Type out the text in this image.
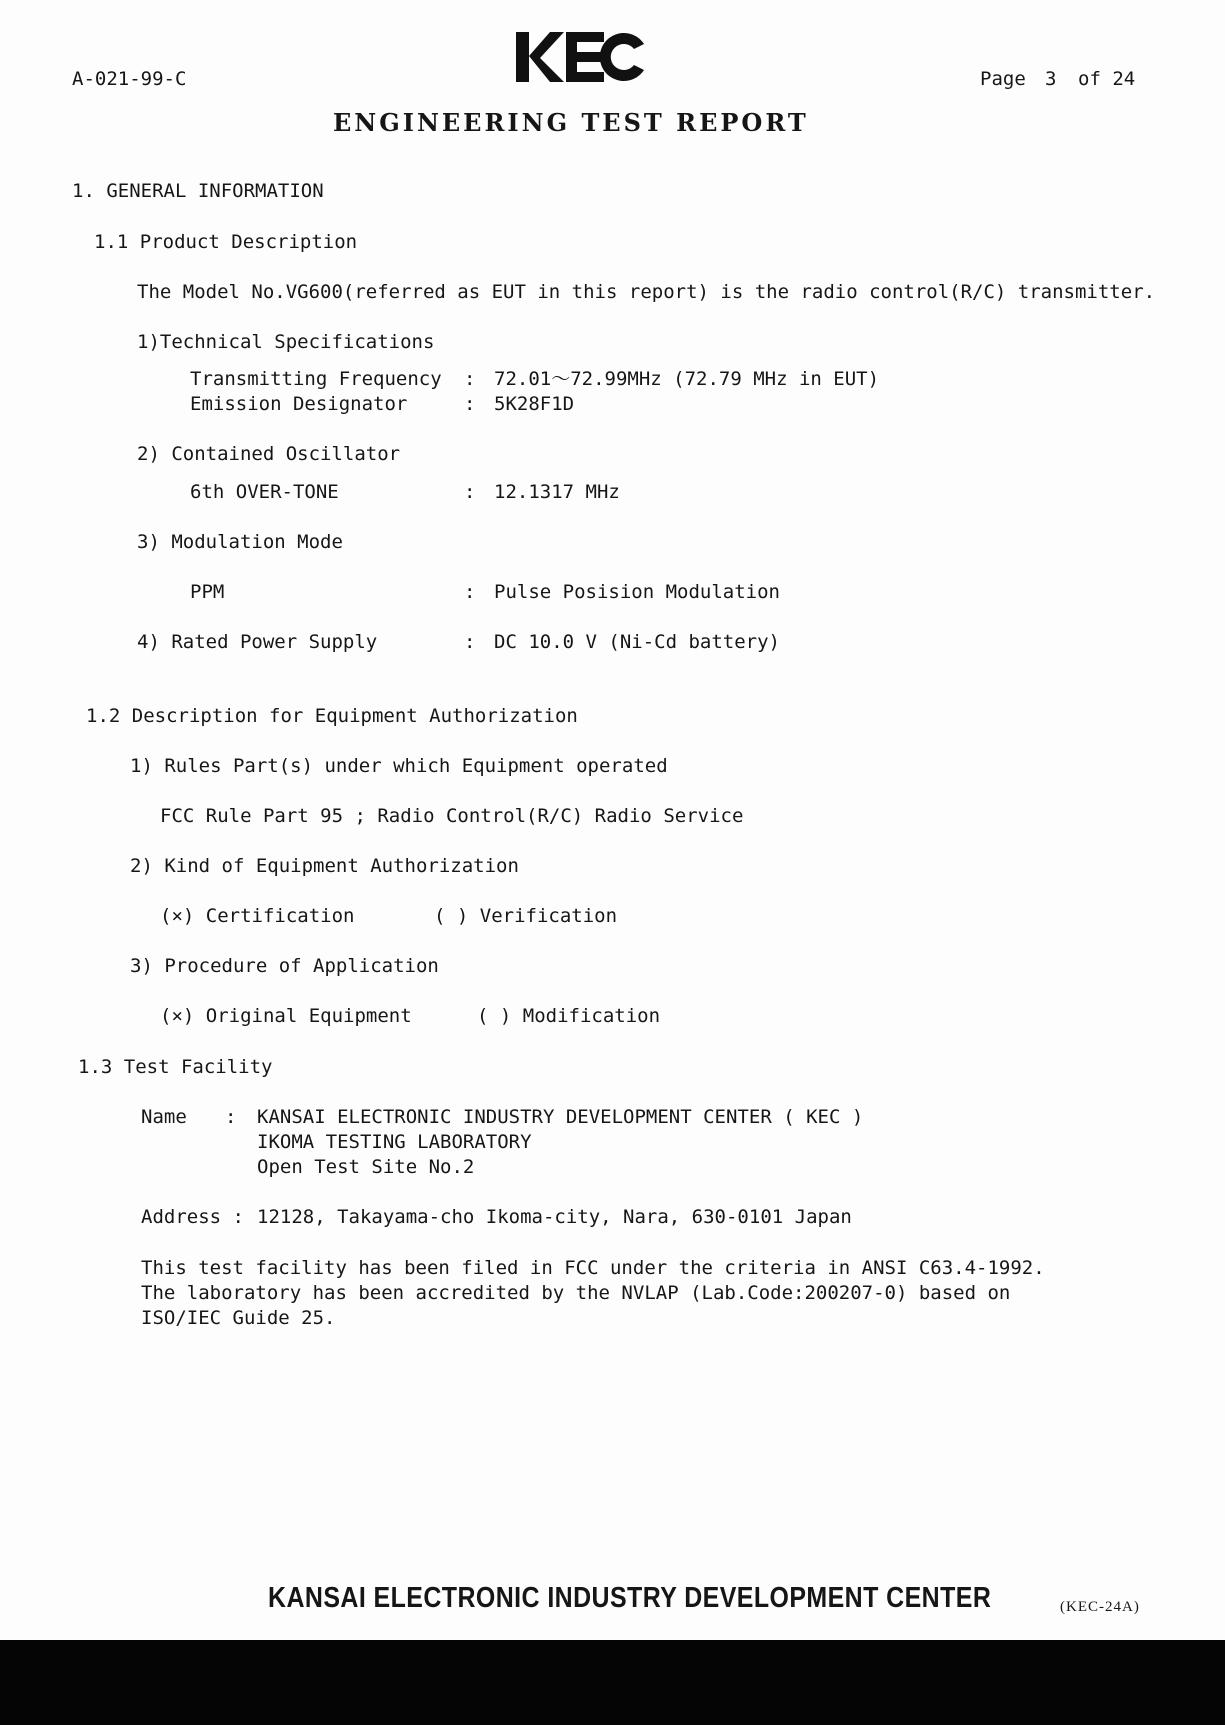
A-021-99-C	Page 3 of 24
ENGINEERING TEST REPORT
1. GENERAL INFORMATION
1.1 Product Description
The Model No.VG600(referred as EUT in this report) is the radio control(R/C) transmitter.
1)Technical Specifications
Transmitting Frequency : 72.01～72.99MHz (72.79 MHz in EUT)
Emission Designator	: 5K28F1D
2) Contained Oscillator
6th OVER-TONE	: 12.1317 MHz
3) Modulation Mode
PPM	: Pulse Posision Modulation
4) Rated Power Supply	: DC 10.0 V (Ni-Cd battery)
1.2 Description for Equipment Authorization
1) Rules Part(s) under which Equipment operated
FCC Rule Part 95 ; Radio Control(R/C) Radio Service
2) Kind of Equipment Authorization
(×) Certification	( ) Verification
3) Procedure of Application
(×) Original Equipment	( ) Modification
1.3 Test Facility
Name : KANSAI ELECTRONIC INDUSTRY DEVELOPMENT CENTER ( KEC )
IKOMA TESTING LABORATORY
Open Test Site No.2
Address : 12128, Takayama-cho Ikoma-city, Nara, 630-0101 Japan
This test facility has been filed in FCC under the criteria in ANSI C63.4-1992.
The laboratory has been accredited by the NVLAP (Lab.Code:200207-0) based on
ISO/IEC Guide 25.
KANSAI ELECTRONIC INDUSTRY DEVELOPMENT CENTER	(KEC-24A)
